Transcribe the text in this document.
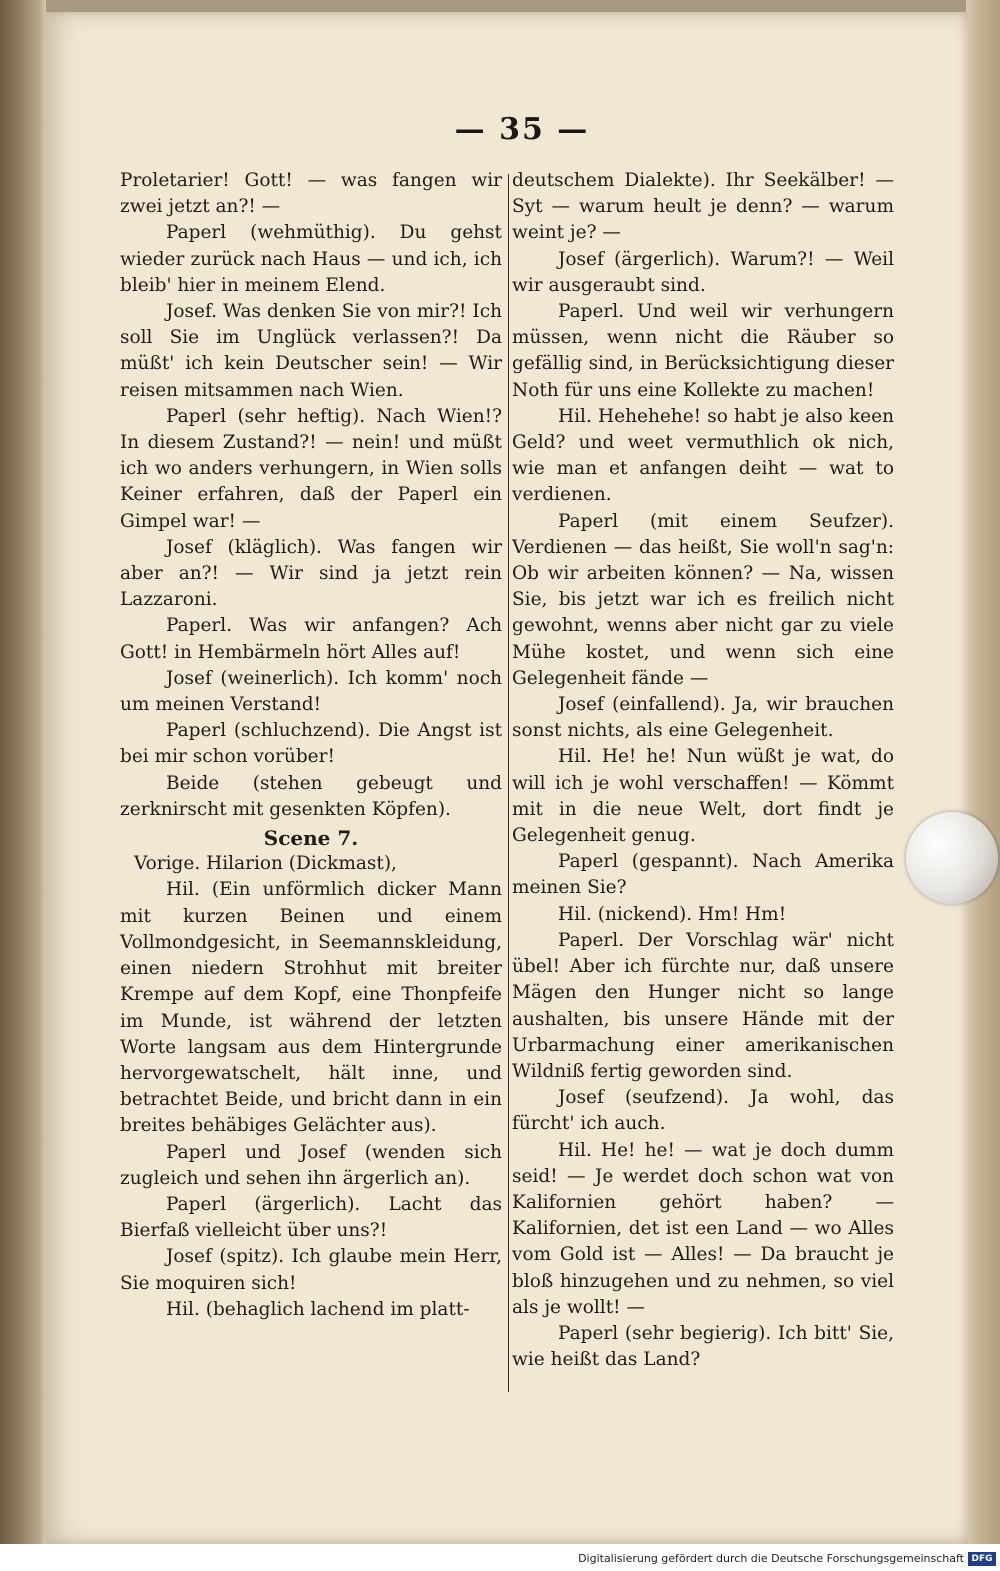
— 35 —

Proletarier! Gott! — was fangen wir zwei jetzt an?! —

Paperl (wehmüthig). Du gehst wieder zurück nach Haus — und ich, ich bleib' hier in meinem Elend.

Josef. Was denken Sie von mir?! Ich soll Sie im Unglück verlassen?! Da müßt' ich kein Deutscher sein! — Wir reisen mitsammen nach Wien.

Paperl (sehr heftig). Nach Wien!? In diesem Zustand?! — nein! und müßt ich wo anders verhungern, in Wien solls Keiner erfahren, daß der Paperl ein Gimpel war! —

Josef (kläglich). Was fangen wir aber an?! — Wir sind ja jetzt rein Lazzaroni.

Paperl. Was wir anfangen? Ach Gott! in Hembärmeln hört Alles auf!

Josef (weinerlich). Ich komm' noch um meinen Verstand!

Paperl (schluchzend). Die Angst ist bei mir schon vorüber!

Beide (stehen gebeugt und zerknirscht mit gesenkten Köpfen).

Scene 7.

Vorige. Hilarion (Dickmast),

Hil. (Ein unförmlich dicker Mann mit kurzen Beinen und einem Vollmondgesicht, in Seemannskleidung, einen niedern Strohhut mit breiter Krempe auf dem Kopf, eine Thonpfeife im Munde, ist während der letzten Worte langsam aus dem Hintergrunde hervorgewatschelt, hält inne, und betrachtet Beide, und bricht dann in ein breites behäbiges Gelächter aus).

Paperl und Josef (wenden sich zugleich und sehen ihn ärgerlich an).

Paperl (ärgerlich). Lacht das Bierfaß vielleicht über uns?!

Josef (spitz). Ich glaube mein Herr, Sie moquiren sich!

Hil. (behaglich lachend im platt-

deutschem Dialekte). Ihr Seekälber! — Syt — warum heult je denn? — warum weint je? —

Josef (ärgerlich). Warum?! — Weil wir ausgeraubt sind.

Paperl. Und weil wir verhungern müssen, wenn nicht die Räuber so gefällig sind, in Berücksichtigung dieser Noth für uns eine Kollekte zu machen!

Hil. Hehehehe! so habt je also keen Geld? und weet vermuthlich ok nich, wie man et anfangen deiht — wat to verdienen.

Paperl (mit einem Seufzer). Verdienen — das heißt, Sie woll'n sag'n: Ob wir arbeiten können? — Na, wissen Sie, bis jetzt war ich es freilich nicht gewohnt, wenns aber nicht gar zu viele Mühe kostet, und wenn sich eine Gelegenheit fände —

Josef (einfallend). Ja, wir brauchen sonst nichts, als eine Gelegenheit.

Hil. He! he! Nun wüßt je wat, do will ich je wohl verschaffen! — Kömmt mit in die neue Welt, dort findt je Gelegenheit genug.

Paperl (gespannt). Nach Amerika meinen Sie?

Hil. (nickend). Hm! Hm!

Paperl. Der Vorschlag wär' nicht übel! Aber ich fürchte nur, daß unsere Mägen den Hunger nicht so lange aushalten, bis unsere Hände mit der Urbarmachung einer amerikanischen Wildniß fertig geworden sind.

Josef (seufzend). Ja wohl, das fürcht' ich auch.

Hil. He! he! — wat je doch dumm seid! — Je werdet doch schon wat von Kalifornien gehört haben? — Kalifornien, det ist een Land — wo Alles vom Gold ist — Alles! — Da braucht je bloß hinzugehen und zu nehmen, so viel als je wollt! —

Paperl (sehr begierig). Ich bitt' Sie, wie heißt das Land?

Digitalisierung gefördert durch die Deutsche Forschungsgemeinschaft DFG
